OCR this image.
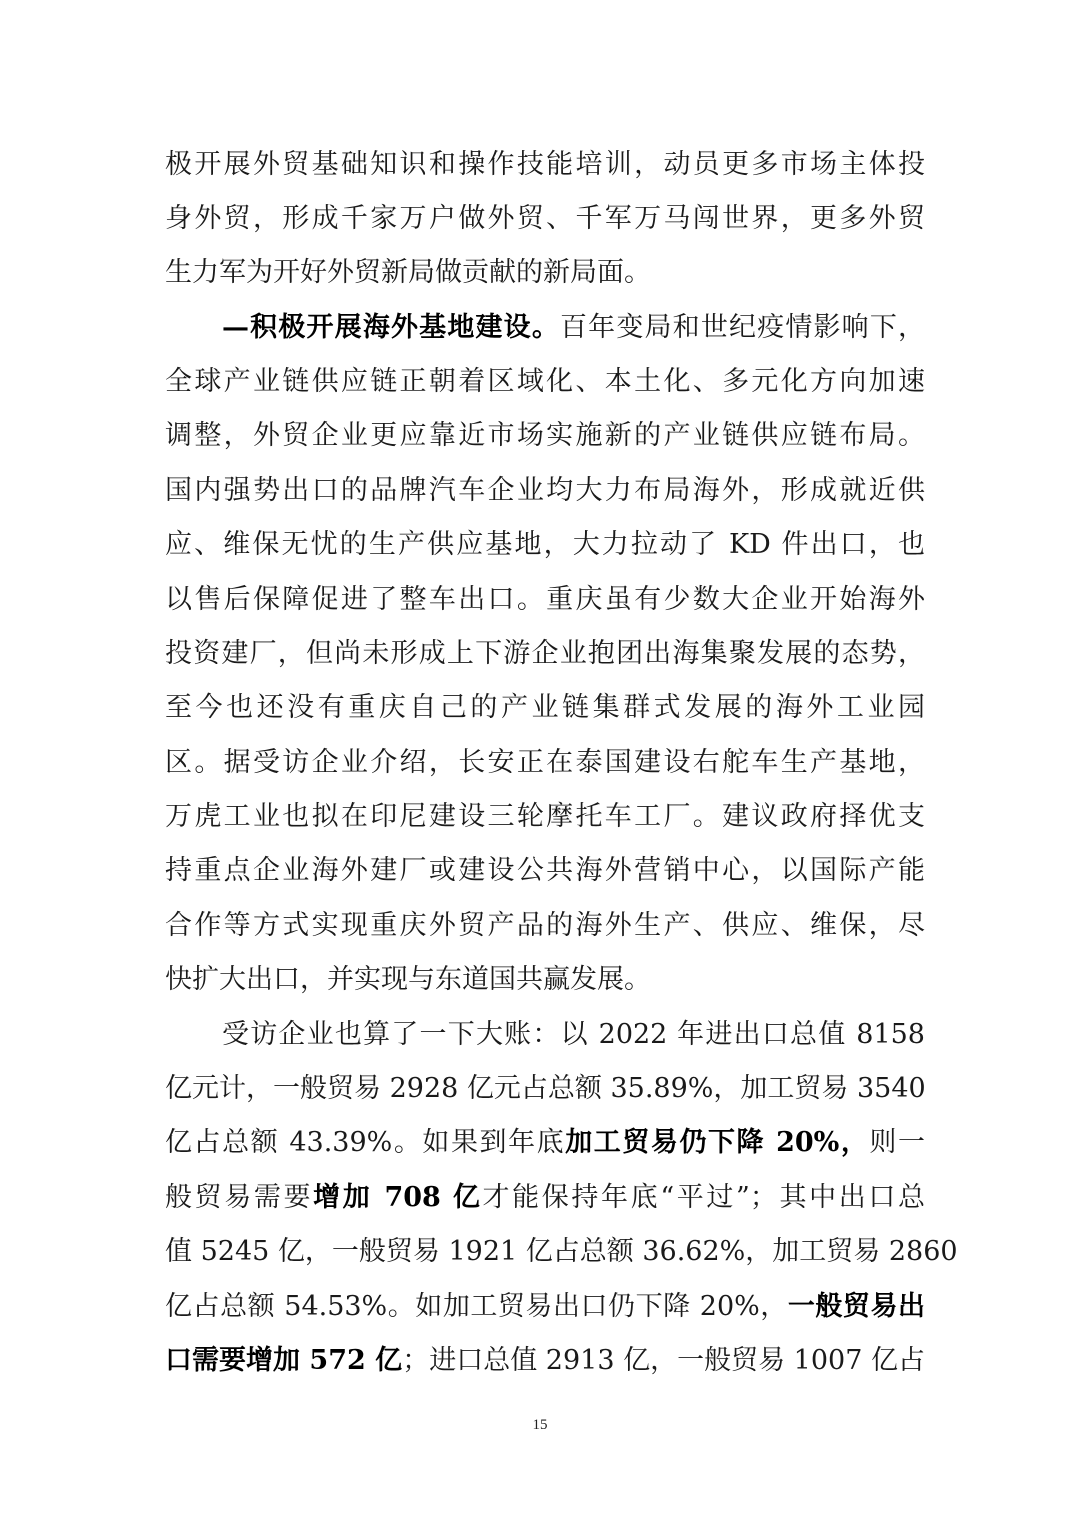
极开展外贸基础知识和操作技能培训，动员更多市场主体投
身外贸，形成千家万户做外贸、千军万马闯世界，更多外贸
生力军为开好外贸新局做贡献的新局面。
—积极开展海外基地建设。百年变局和世纪疫情影响下，
全球产业链供应链正朝着区域化、本土化、多元化方向加速
调整，外贸企业更应靠近市场实施新的产业链供应链布局。
国内强势出口的品牌汽车企业均大力布局海外，形成就近供
应、维保无忧的生产供应基地，大力拉动了 KD 件出口，也
以售后保障促进了整车出口。重庆虽有少数大企业开始海外
投资建厂，但尚未形成上下游企业抱团出海集聚发展的态势，
至今也还没有重庆自己的产业链集群式发展的海外工业园
区。据受访企业介绍，长安正在泰国建设右舵车生产基地，
万虎工业也拟在印尼建设三轮摩托车工厂。建议政府择优支
持重点企业海外建厂或建设公共海外营销中心，以国际产能
合作等方式实现重庆外贸产品的海外生产、供应、维保，尽
快扩大出口，并实现与东道国共赢发展。
受访企业也算了一下大账：以 2022 年进出口总值 8158
亿元计，一般贸易 2928 亿元占总额 35.89%，加工贸易 3540
亿占总额 43.39%。如果到年底加工贸易仍下降 20%，则一
般贸易需要增加 708 亿才能保持年底“平过”；其中出口总
值 5245 亿，一般贸易 1921 亿占总额 36.62%，加工贸易 2860
亿占总额 54.53%。如加工贸易出口仍下降 20%，一般贸易出
口需要增加 572 亿；进口总值 2913 亿，一般贸易 1007 亿占
15
